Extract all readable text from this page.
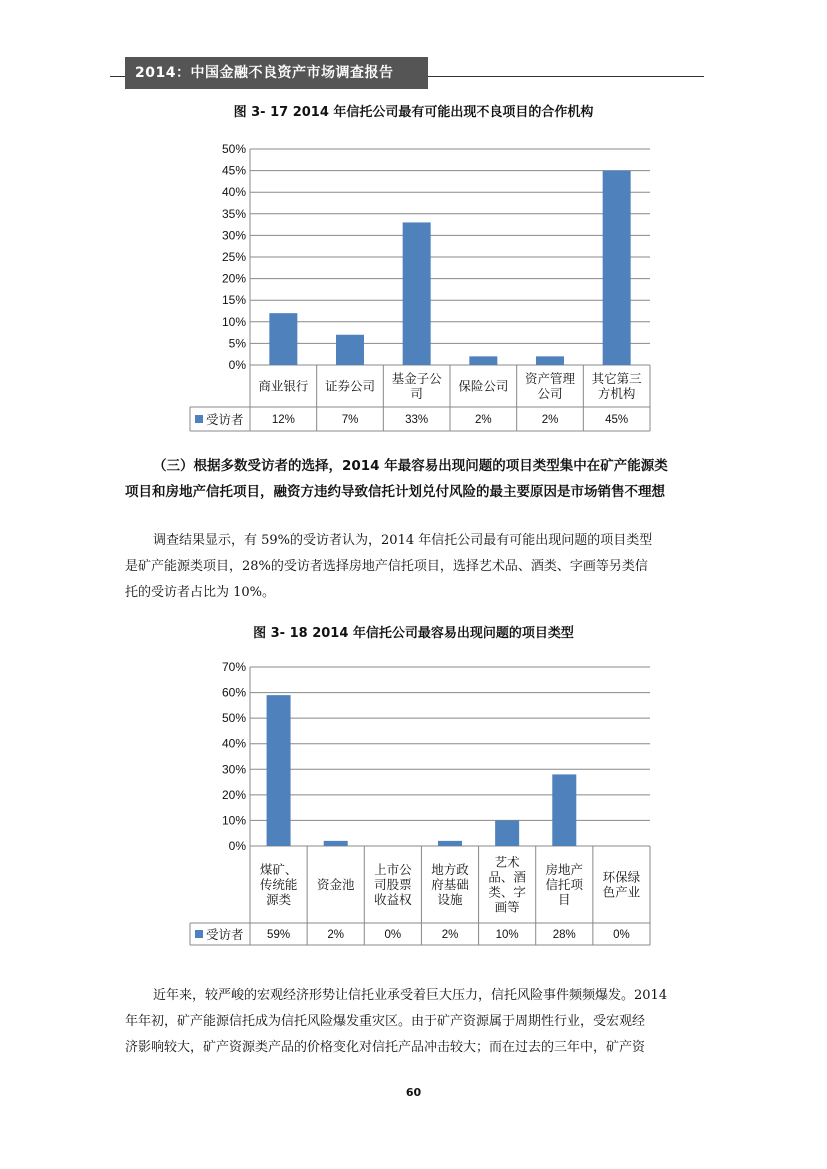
2014：中国金融不良资产市场调查报告
图 3- 17 2014 年信托公司最有可能出现不良项目的合作机构
0%
5%
10%
15%
20%
25%
30%
35%
40%
45%
50%
受访者
商业银行
12%
证券公司
7%
基金子公
司
33%
保险公司
2%
资产管理
公司
2%
其它第三
方机构
45%
（三）根据多数受访者的选择，2014 年最容易出现问题的项目类型集中在矿产能源类
项目和房地产信托项目，融资方违约导致信托计划兑付风险的最主要原因是市场销售不理想
调查结果显示，有 59%的受访者认为，2014 年信托公司最有可能出现问题的项目类型
是矿产能源类项目，28%的受访者选择房地产信托项目，选择艺术品、酒类、字画等另类信
托的受访者占比为 10%。
图 3- 18 2014 年信托公司最容易出现问题的项目类型
0%
10%
20%
30%
40%
50%
60%
70%
受访者
煤矿、
传统能
源类
59%
资金池
2%
上市公
司股票
收益权
0%
地方政
府基础
设施
2%
艺术
品、酒
类、字
画等
10%
房地产
信托项
目
28%
环保绿
色产业
0%
近年来，较严峻的宏观经济形势让信托业承受着巨大压力，信托风险事件频频爆发。2014
年年初，矿产能源信托成为信托风险爆发重灾区。由于矿产资源属于周期性行业，受宏观经
济影响较大，矿产资源类产品的价格变化对信托产品冲击较大；而在过去的三年中，矿产资
60
